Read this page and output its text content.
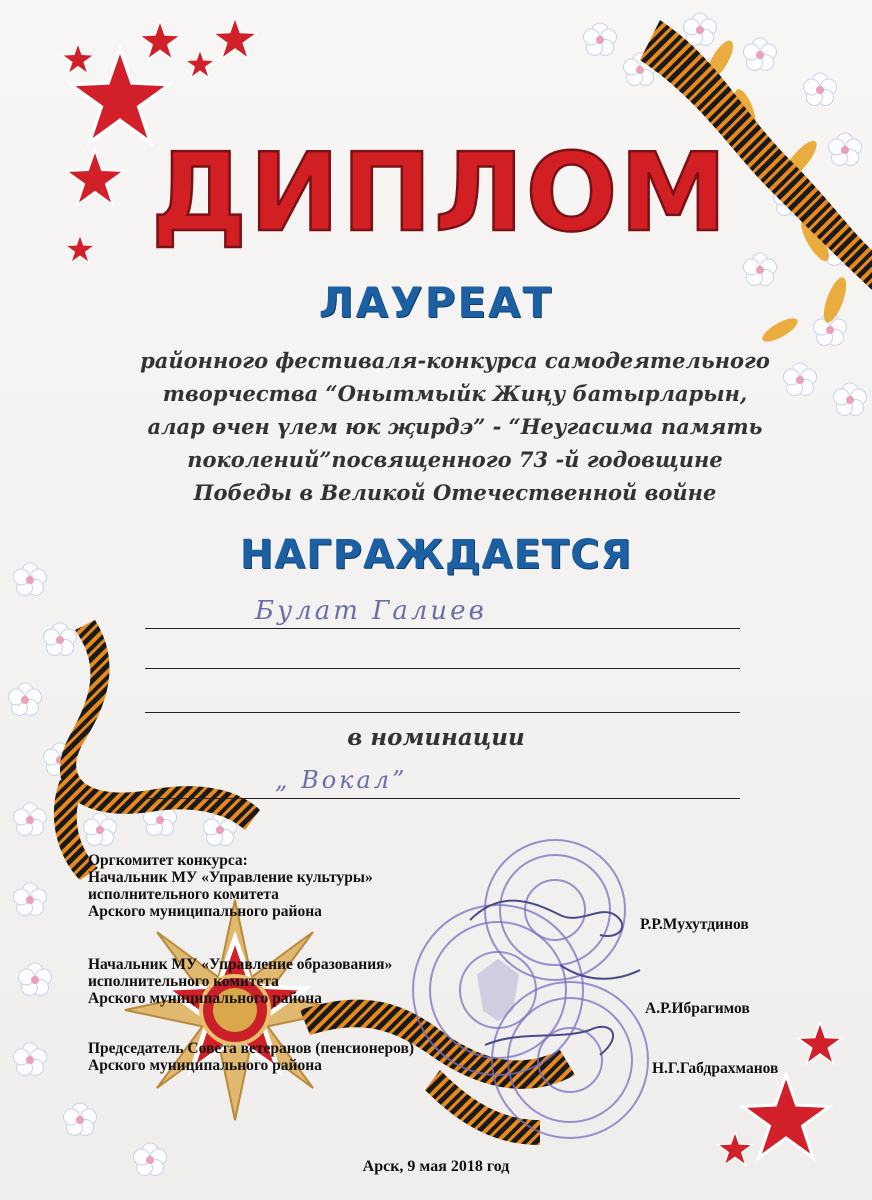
ДИПЛОМ
ЛАУРЕАТ
районного фестиваля-конкурса самодеятельного
творчества “Онытмыйк Жиңу батырларын,
алар өчен үлем юк җирдэ” - “Неугасима память
поколений”посвященного 73 -й годовщине
Победы в Великой Отечественной войне
НАГРАЖДАЕТСЯ
Булат Галиев
в номинации
„ Вокал”
Оргкомитет конкурса:
Начальник МУ «Управление культуры»
исполнительного комитета
Арского муниципального района
Р.Р.Мухутдинов
Начальник МУ «Управление образования»
исполнительного комитета
Арского муниципального района
А.Р.Ибрагимов
Председатель Совета ветеранов (пенсионеров)
Арского муниципального района	Н.Г.Габдрахманов
Арск, 9 мая 2018 год
